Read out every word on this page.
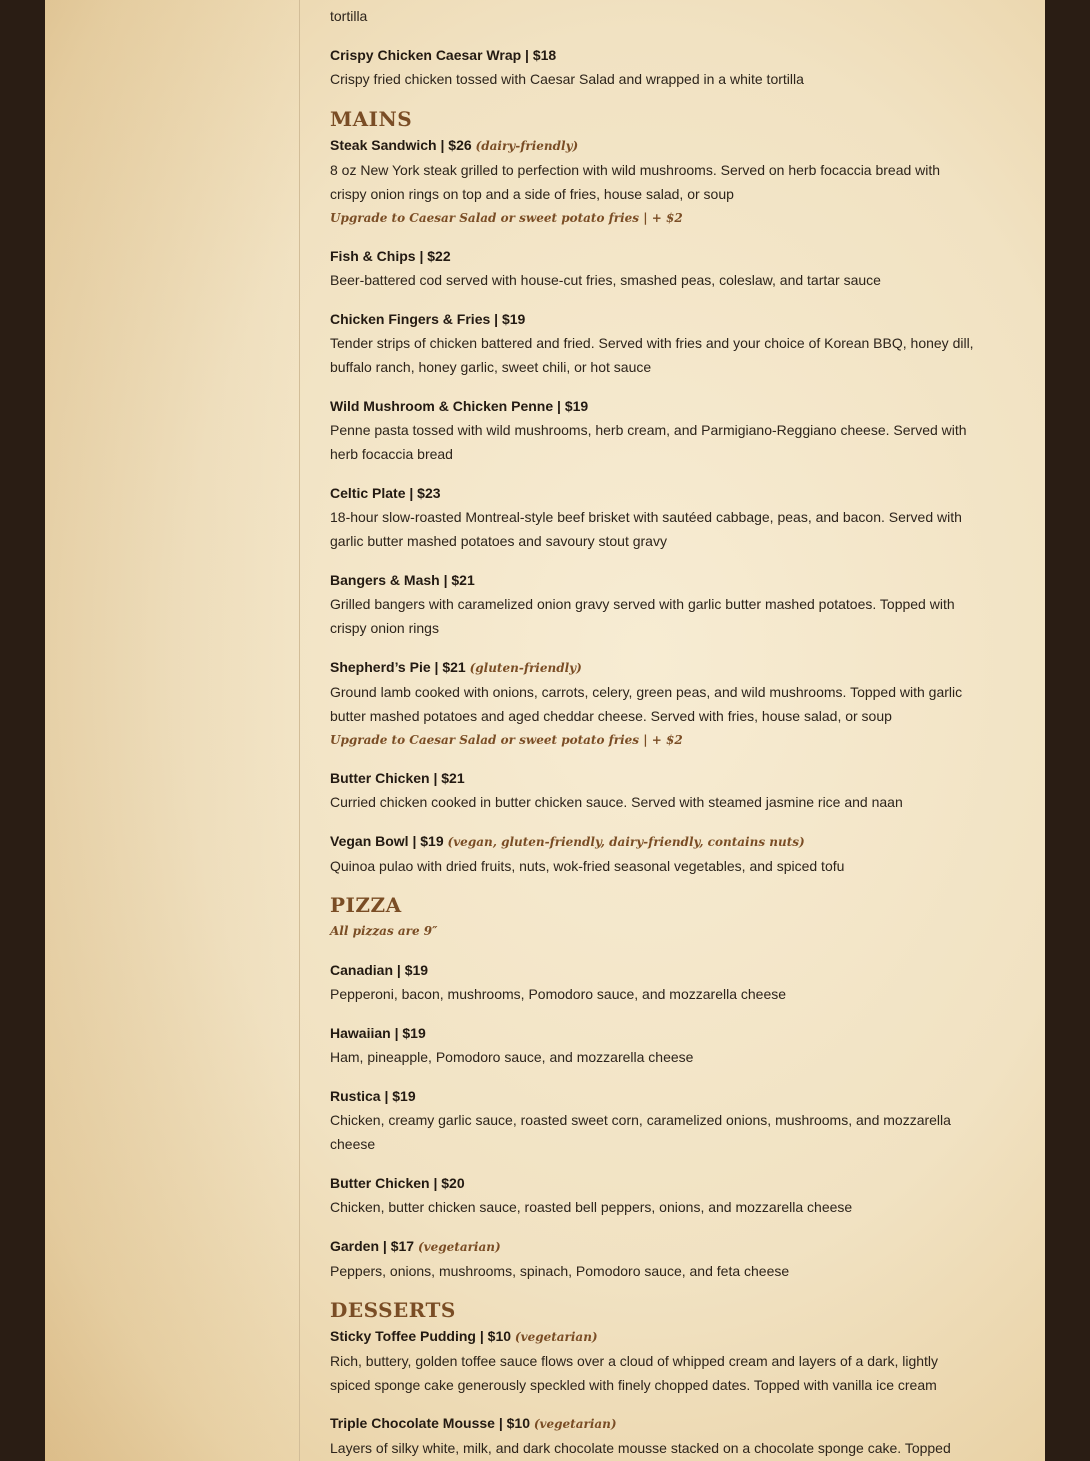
tortilla
Crispy Chicken Caesar Wrap | $18
Crispy fried chicken tossed with Caesar Salad and wrapped in a white tortilla
MAINS
Steak Sandwich | $26 (dairy-friendly)
8 oz New York steak grilled to perfection with wild mushrooms. Served on herb focaccia bread with crispy onion rings on top and a side of fries, house salad, or soup
Upgrade to Caesar Salad or sweet potato fries | + $2
Fish & Chips | $22
Beer-battered cod served with house-cut fries, smashed peas, coleslaw, and tartar sauce
Chicken Fingers & Fries | $19
Tender strips of chicken battered and fried. Served with fries and your choice of Korean BBQ, honey dill, buffalo ranch, honey garlic, sweet chili, or hot sauce
Wild Mushroom & Chicken Penne | $19
Penne pasta tossed with wild mushrooms, herb cream, and Parmigiano-Reggiano cheese. Served with herb focaccia bread
Celtic Plate | $23
18-hour slow-roasted Montreal-style beef brisket with sautéed cabbage, peas, and bacon. Served with garlic butter mashed potatoes and savoury stout gravy
Bangers & Mash | $21
Grilled bangers with caramelized onion gravy served with garlic butter mashed potatoes. Topped with crispy onion rings
Shepherd’s Pie | $21 (gluten-friendly)
Ground lamb cooked with onions, carrots, celery, green peas, and wild mushrooms. Topped with garlic butter mashed potatoes and aged cheddar cheese. Served with fries, house salad, or soup
Upgrade to Caesar Salad or sweet potato fries | + $2
Butter Chicken | $21
Curried chicken cooked in butter chicken sauce. Served with steamed jasmine rice and naan
Vegan Bowl | $19 (vegan, gluten-friendly, dairy-friendly, contains nuts)
Quinoa pulao with dried fruits, nuts, wok-fried seasonal vegetables, and spiced tofu
PIZZA
All pizzas are 9″
Canadian | $19
Pepperoni, bacon, mushrooms, Pomodoro sauce, and mozzarella cheese
Hawaiian | $19
Ham, pineapple, Pomodoro sauce, and mozzarella cheese
Rustica | $19
Chicken, creamy garlic sauce, roasted sweet corn, caramelized onions, mushrooms, and mozzarella cheese
Butter Chicken | $20
Chicken, butter chicken sauce, roasted bell peppers, onions, and mozzarella cheese
Garden | $17 (vegetarian)
Peppers, onions, mushrooms, spinach, Pomodoro sauce, and feta cheese
DESSERTS
Sticky Toffee Pudding | $10 (vegetarian)
Rich, buttery, golden toffee sauce flows over a cloud of whipped cream and layers of a dark, lightly spiced sponge cake generously speckled with finely chopped dates. Topped with vanilla ice cream
Triple Chocolate Mousse | $10 (vegetarian)
Layers of silky white, milk, and dark chocolate mousse stacked on a chocolate sponge cake. Topped
